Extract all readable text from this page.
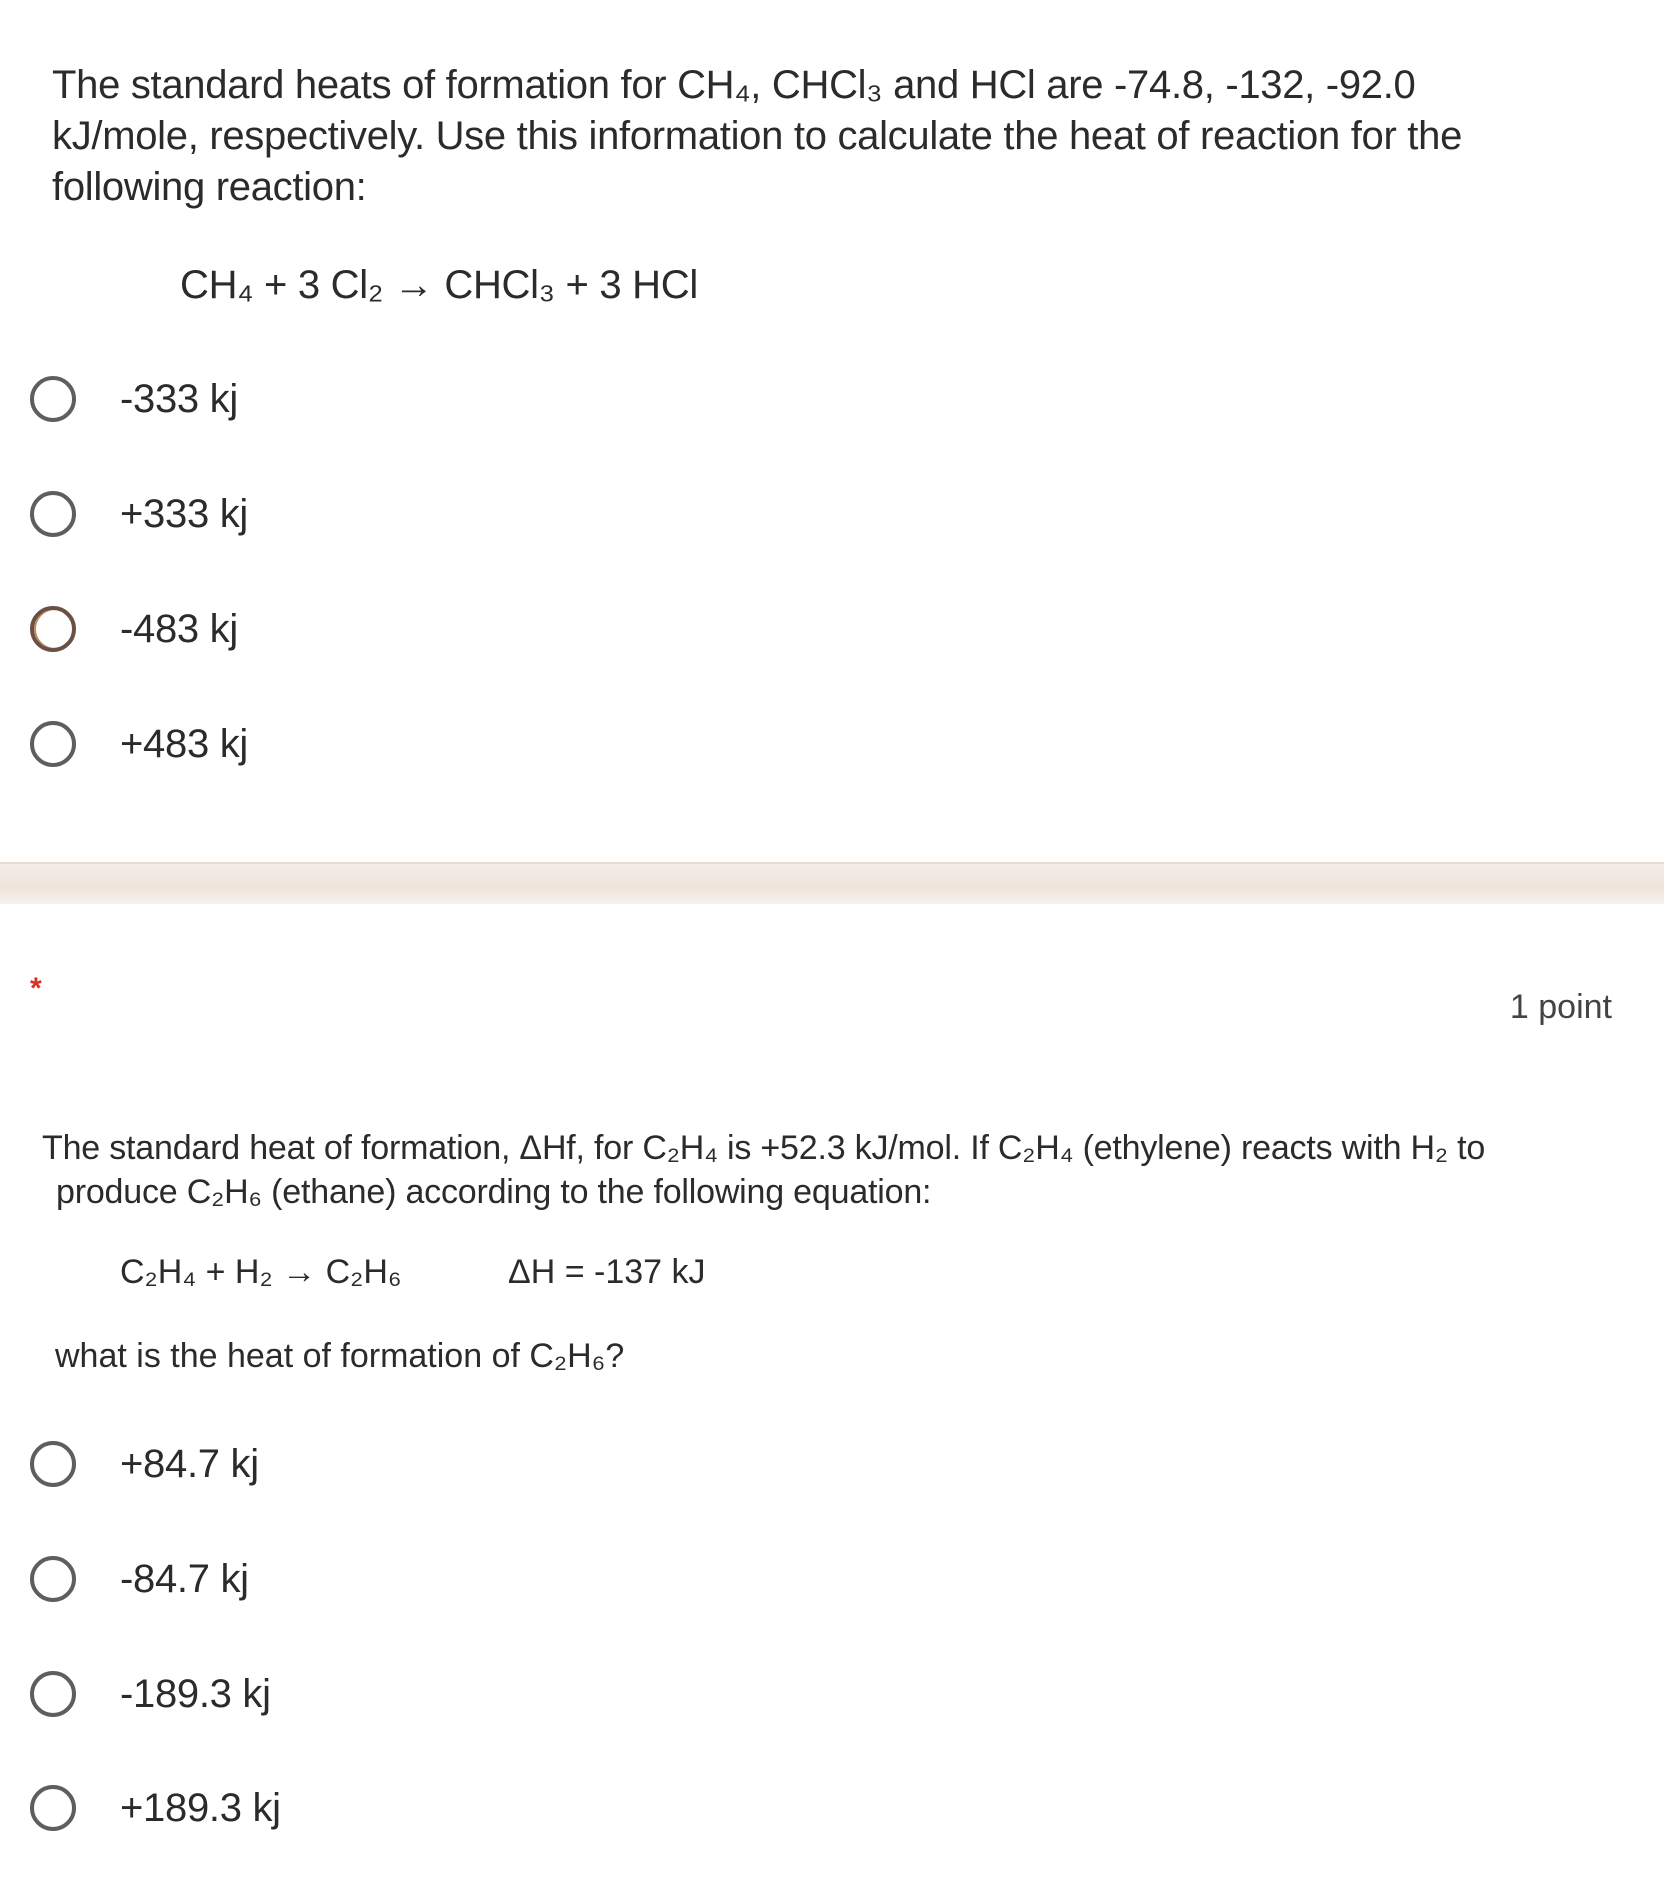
The standard heats of formation for CH₄, CHCl₃ and HCl are -74.8, -132, -92.0

kJ/mole, respectively. Use this information to calculate the heat of reaction for the

following reaction:

CH₄ + 3 Cl₂ → CHCl₃ + 3 HCl
-333 kj
+333 kj
-483 kj
+483 kj
*	1 point

The standard heat of formation, ΔHf, for C₂H₄ is +52.3 kJ/mol. If C₂H₄ (ethylene) reacts with H₂ to

produce C₂H₆ (ethane) according to the following equation:

C₂H₄ + H₂ → C₂H₆	ΔH = -137 kJ
what is the heat of formation of C₂H₆?
+84.7 kj
-84.7 kj
-189.3 kj
+189.3 kj
